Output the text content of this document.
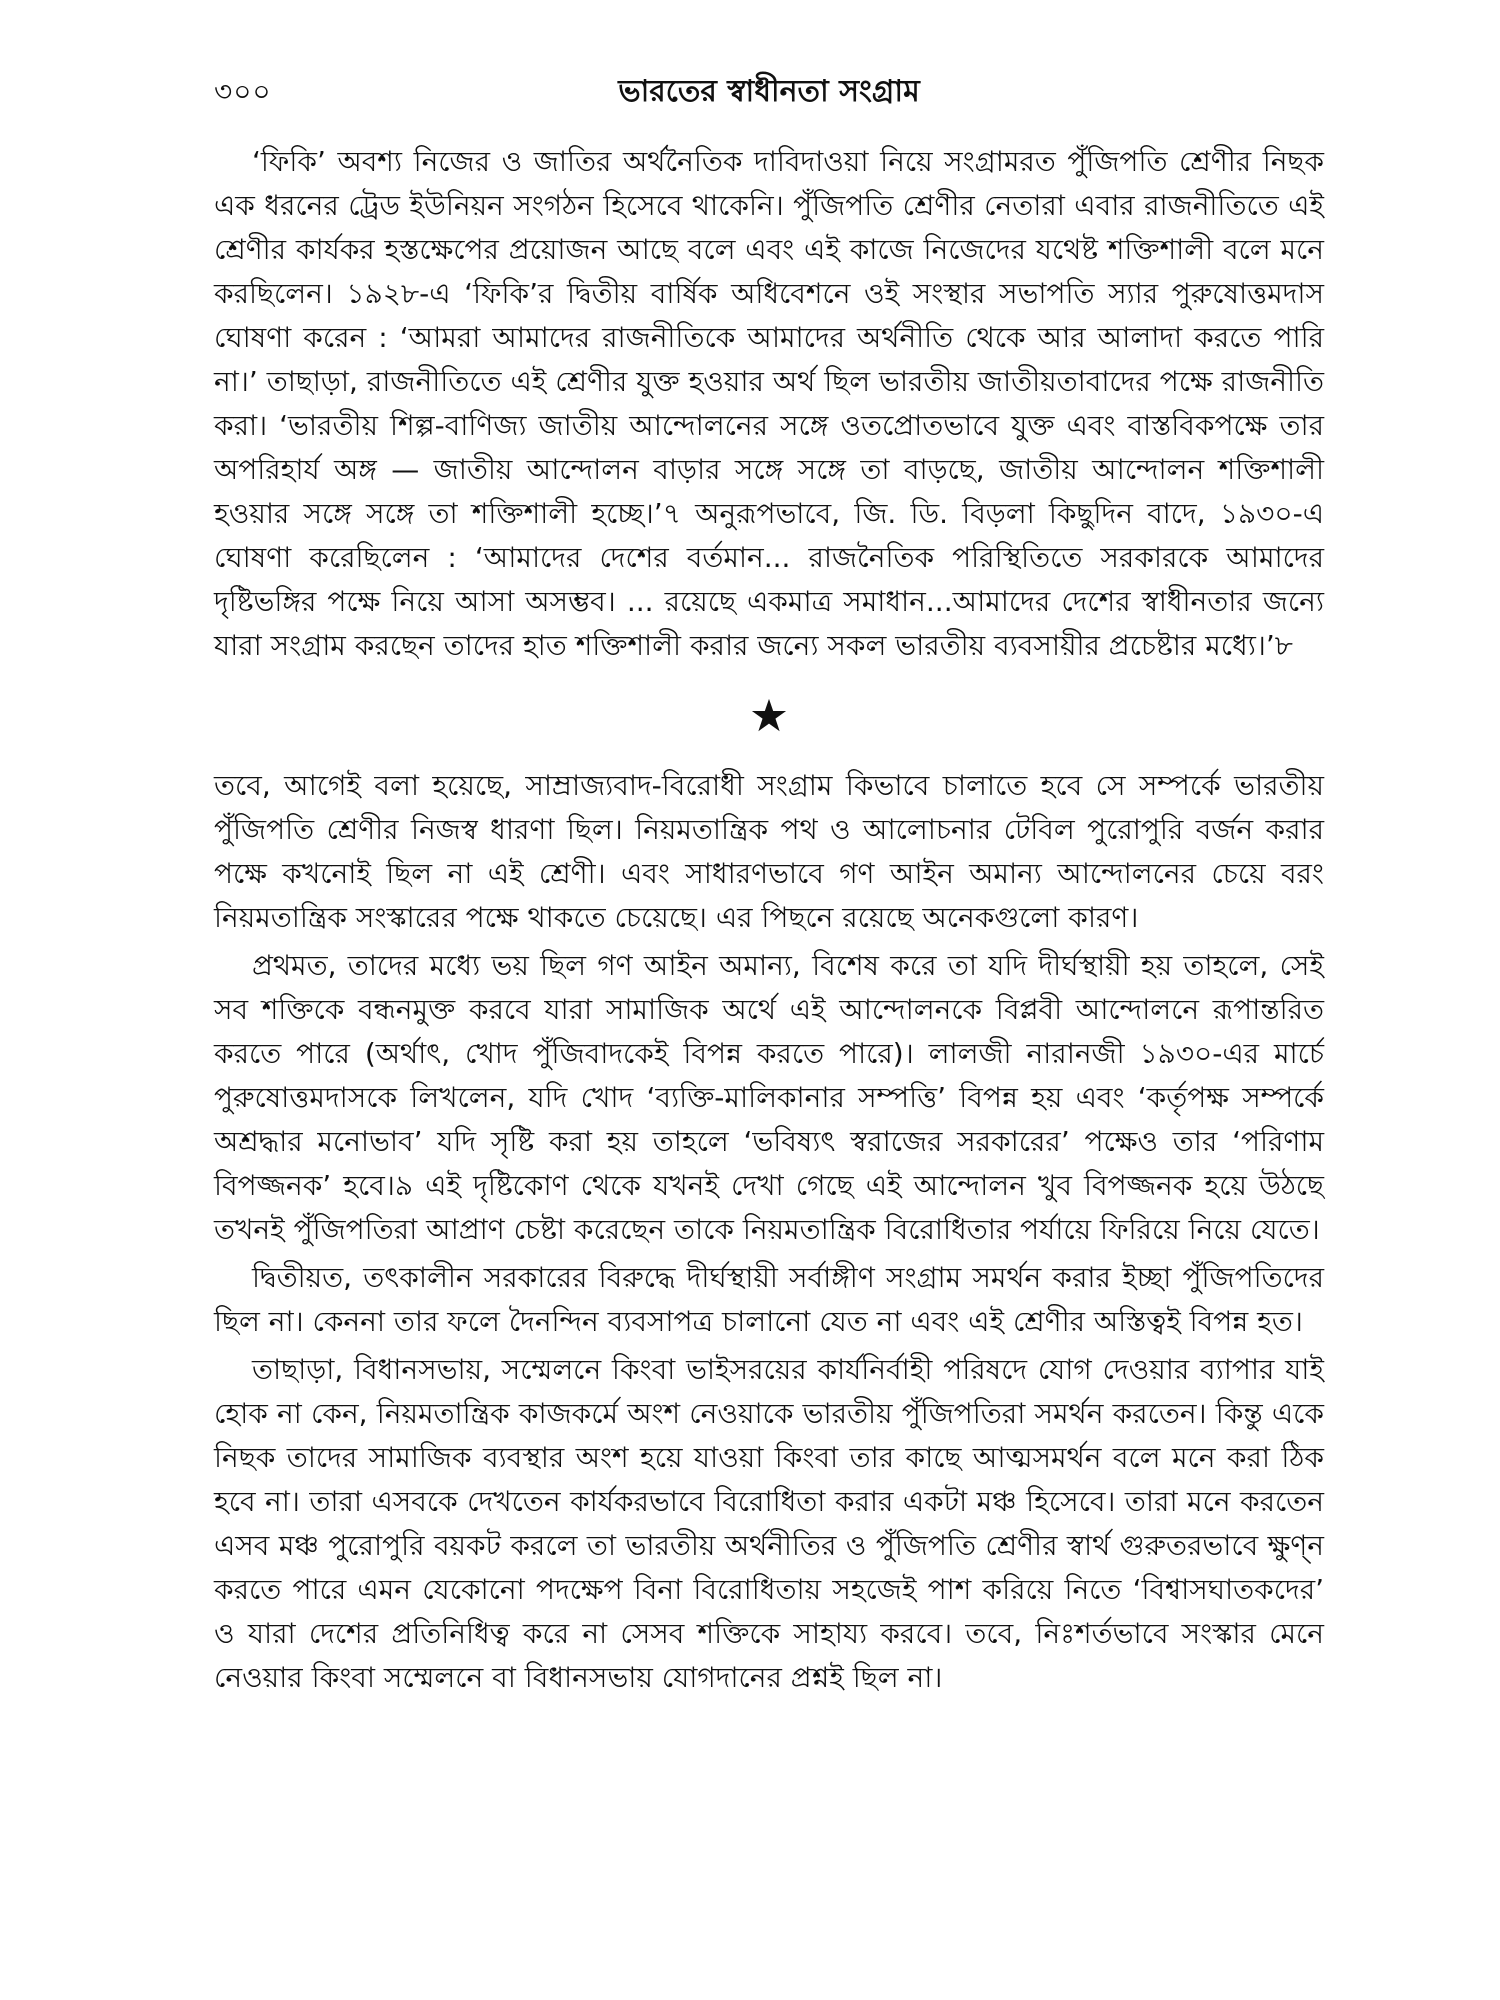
৩০০	ভারতের স্বাধীনতা সংগ্রাম

‘ফিকি’ অবশ্য নিজের ও জাতির অর্থনৈতিক দাবিদাওয়া নিয়ে সংগ্রামরত পুঁজিপতি শ্রেণীর নিছক এক ধরনের ট্রেড ইউনিয়ন সংগঠন হিসেবে থাকেনি। পুঁজিপতি শ্রেণীর নেতারা এবার রাজনীতিতে এই শ্রেণীর কার্যকর হস্তক্ষেপের প্রয়োজন আছে বলে এবং এই কাজে নিজেদের যথেষ্ট শক্তিশালী বলে মনে করছিলেন। ১৯২৮-এ ‘ফিকি’র দ্বিতীয় বার্ষিক অধিবেশনে ওই সংস্থার সভাপতি স্যার পুরুষোত্তমদাস ঘোষণা করেন : ‘আমরা আমাদের রাজনীতিকে আমাদের অর্থনীতি থেকে আর আলাদা করতে পারি না।’ তাছাড়া, রাজনীতিতে এই শ্রেণীর যুক্ত হওয়ার অর্থ ছিল ভারতীয় জাতীয়তাবাদের পক্ষে রাজনীতি করা। ‘ভারতীয় শিল্প-বাণিজ্য জাতীয় আন্দোলনের সঙ্গে ওতপ্রোতভাবে যুক্ত এবং বাস্তবিকপক্ষে তার অপরিহার্য অঙ্গ — জাতীয় আন্দোলন বাড়ার সঙ্গে সঙ্গে তা বাড়ছে, জাতীয় আন্দোলন শক্তিশালী হওয়ার সঙ্গে সঙ্গে তা শক্তিশালী হচ্ছে।’৭ অনুরূপভাবে, জি. ডি. বিড়লা কিছুদিন বাদে, ১৯৩০-এ ঘোষণা করেছিলেন : ‘আমাদের দেশের বর্তমান... রাজনৈতিক পরিস্থিতিতে সরকারকে আমাদের দৃষ্টিভঙ্গির পক্ষে নিয়ে আসা অসম্ভব। ... রয়েছে একমাত্র সমাধান...আমাদের দেশের স্বাধীনতার জন্যে যারা সংগ্রাম করছেন তাদের হাত শক্তিশালী করার জন্যে সকল ভারতীয় ব্যবসায়ীর প্রচেষ্টার মধ্যে।’৮

তবে, আগেই বলা হয়েছে, সাম্রাজ্যবাদ-বিরোধী সংগ্রাম কিভাবে চালাতে হবে সে সম্পর্কে ভারতীয় পুঁজিপতি শ্রেণীর নিজস্ব ধারণা ছিল। নিয়মতান্ত্রিক পথ ও আলোচনার টেবিল পুরোপুরি বর্জন করার পক্ষে কখনোই ছিল না এই শ্রেণী। এবং সাধারণভাবে গণ আইন অমান্য আন্দোলনের চেয়ে বরং নিয়মতান্ত্রিক সংস্কারের পক্ষে থাকতে চেয়েছে। এর পিছনে রয়েছে অনেকগুলো কারণ।

প্রথমত, তাদের মধ্যে ভয় ছিল গণ আইন অমান্য, বিশেষ করে তা যদি দীর্ঘস্থায়ী হয় তাহলে, সেই সব শক্তিকে বন্ধনমুক্ত করবে যারা সামাজিক অর্থে এই আন্দোলনকে বিপ্লবী আন্দোলনে রূপান্তরিত করতে পারে (অর্থাৎ, খোদ পুঁজিবাদকেই বিপন্ন করতে পারে)। লালজী নারানজী ১৯৩০-এর মার্চে পুরুষোত্তমদাসকে লিখলেন, যদি খোদ ‘ব্যক্তি-মালিকানার সম্পত্তি’ বিপন্ন হয় এবং ‘কর্তৃপক্ষ সম্পর্কে অশ্রদ্ধার মনোভাব’ যদি সৃষ্টি করা হয় তাহলে ‘ভবিষ্যৎ স্বরাজের সরকারের’ পক্ষেও তার ‘পরিণাম বিপজ্জনক’ হবে।৯ এই দৃষ্টিকোণ থেকে যখনই দেখা গেছে এই আন্দোলন খুব বিপজ্জনক হয়ে উঠছে তখনই পুঁজিপতিরা আপ্রাণ চেষ্টা করেছেন তাকে নিয়মতান্ত্রিক বিরোধিতার পর্যায়ে ফিরিয়ে নিয়ে যেতে।

দ্বিতীয়ত, তৎকালীন সরকারের বিরুদ্ধে দীর্ঘস্থায়ী সর্বাঙ্গীণ সংগ্রাম সমর্থন করার ইচ্ছা পুঁজিপতিদের ছিল না। কেননা তার ফলে দৈনন্দিন ব্যবসাপত্র চালানো যেত না এবং এই শ্রেণীর অস্তিত্বই বিপন্ন হত।

তাছাড়া, বিধানসভায়, সম্মেলনে কিংবা ভাইসরয়ের কার্যনির্বাহী পরিষদে যোগ দেওয়ার ব্যাপার যাই হোক না কেন, নিয়মতান্ত্রিক কাজকর্মে অংশ নেওয়াকে ভারতীয় পুঁজিপতিরা সমর্থন করতেন। কিন্তু একে নিছক তাদের সামাজিক ব্যবস্থার অংশ হয়ে যাওয়া কিংবা তার কাছে আত্মসমর্থন বলে মনে করা ঠিক হবে না। তারা এসবকে দেখতেন কার্যকরভাবে বিরোধিতা করার একটা মঞ্চ হিসেবে। তারা মনে করতেন এসব মঞ্চ পুরোপুরি বয়কট করলে তা ভারতীয় অর্থনীতির ও পুঁজিপতি শ্রেণীর স্বার্থ গুরুতরভাবে ক্ষুণ্ন করতে পারে এমন যেকোনো পদক্ষেপ বিনা বিরোধিতায় সহজেই পাশ করিয়ে নিতে ‘বিশ্বাসঘাতকদের’ ও যারা দেশের প্রতিনিধিত্ব করে না সেসব শক্তিকে সাহায্য করবে। তবে, নিঃশর্তভাবে সংস্কার মেনে নেওয়ার কিংবা সম্মেলনে বা বিধানসভায় যোগদানের প্রশ্নই ছিল না।
